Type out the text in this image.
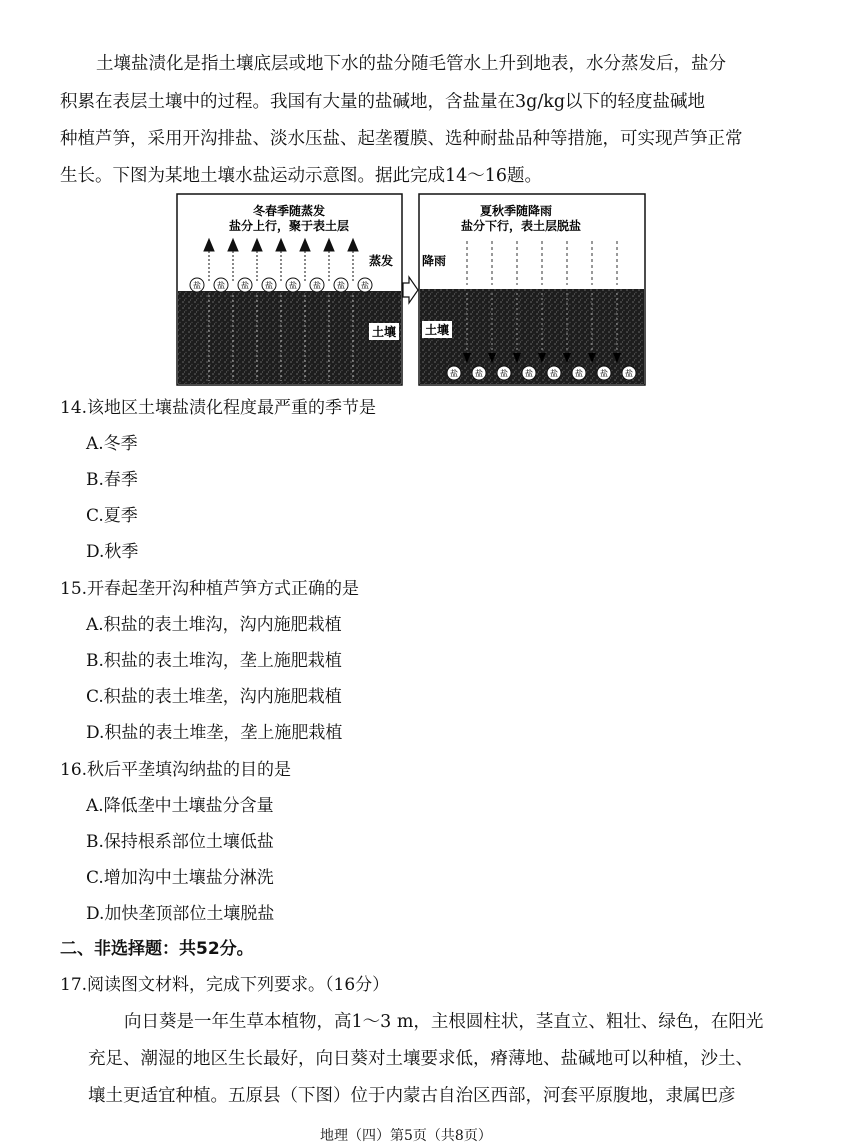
土壤盐渍化是指土壤底层或地下水的盐分随毛管水上升到地表，水分蒸发后，盐分
积累在表层土壤中的过程。我国有大量的盐碱地，含盐量在3g/kg以下的轻度盐碱地
种植芦笋，采用开沟排盐、淡水压盐、起垄覆膜、选种耐盐品种等措施，可实现芦笋正常
生长。下图为某地土壤水盐运动示意图。据此完成14～16题。
冬春季随蒸发
盐分上行，聚于表土层
盐 盐 盐 盐 盐 盐 盐 盐
蒸发
土壤
夏秋季随降雨
盐分下行，表土层脱盐
降雨
土壤
盐 盐 盐 盐 盐 盐 盐 盐
14.该地区土壤盐渍化程度最严重的季节是
A.冬季
B.春季
C.夏季
D.秋季
15.开春起垄开沟种植芦笋方式正确的是
A.积盐的表土堆沟，沟内施肥栽植
B.积盐的表土堆沟，垄上施肥栽植
C.积盐的表土堆垄，沟内施肥栽植
D.积盐的表土堆垄，垄上施肥栽植
16.秋后平垄填沟纳盐的目的是
A.降低垄中土壤盐分含量
B.保持根系部位土壤低盐
C.增加沟中土壤盐分淋洗
D.加快垄顶部位土壤脱盐
二、非选择题：共52分。
17.阅读图文材料，完成下列要求。（16分）
向日葵是一年生草本植物，高1～3 m，主根圆柱状，茎直立、粗壮、绿色，在阳光
充足、潮湿的地区生长最好，向日葵对土壤要求低，瘠薄地、盐碱地可以种植，沙土、
壤土更适宜种植。五原县（下图）位于内蒙古自治区西部，河套平原腹地，隶属巴彦
地理（四）第5页（共8页）
